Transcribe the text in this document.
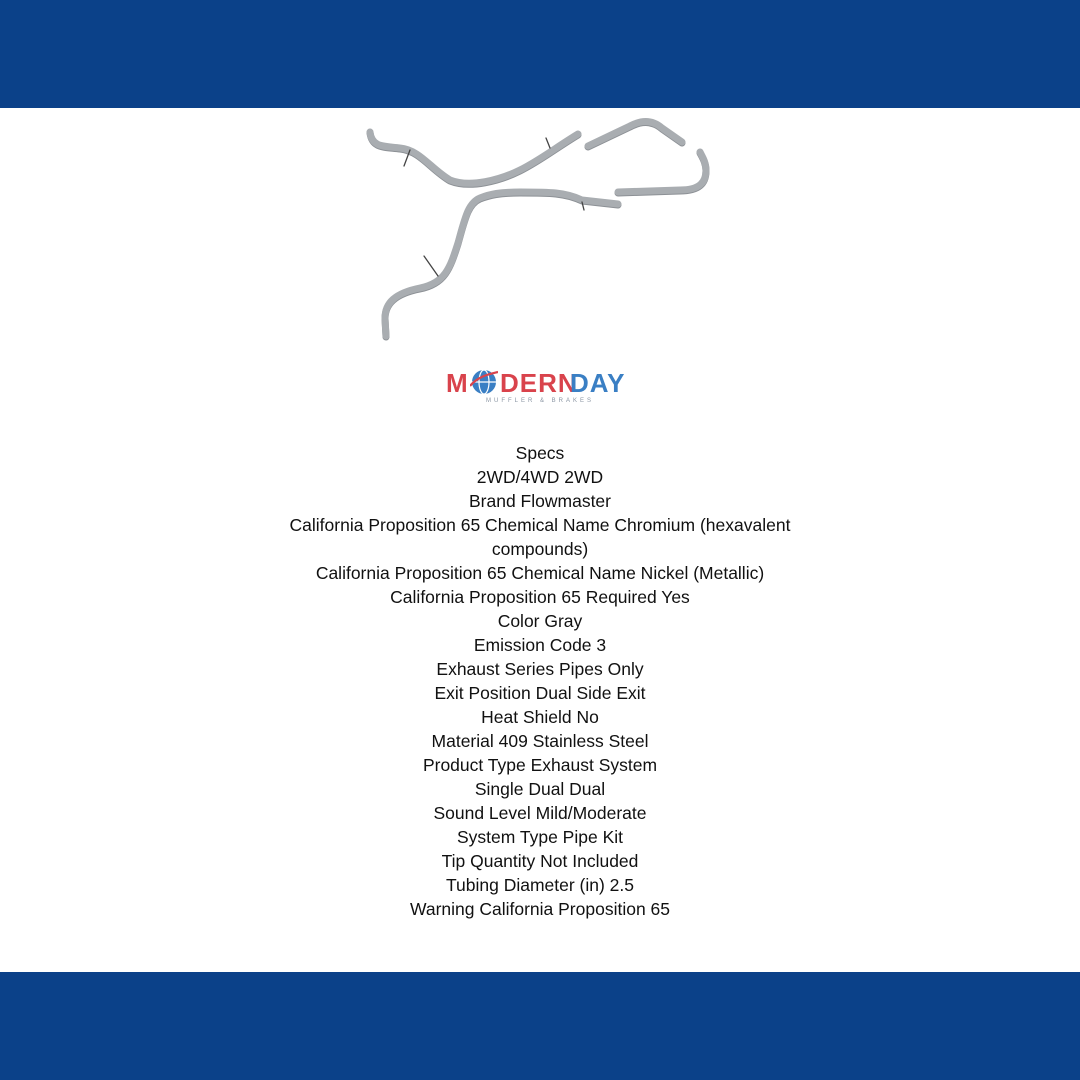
M DERN
DAY
MUFFLER & BRAKES
Specs
2WD/4WD 2WD
Brand Flowmaster
California Proposition 65 Chemical Name Chromium (hexavalent
compounds)
California Proposition 65 Chemical Name Nickel (Metallic)
California Proposition 65 Required Yes
Color Gray
Emission Code 3
Exhaust Series Pipes Only
Exit Position Dual Side Exit
Heat Shield No
Material 409 Stainless Steel
Product Type Exhaust System
Single Dual Dual
Sound Level Mild/Moderate
System Type Pipe Kit
Tip Quantity Not Included
Tubing Diameter (in) 2.5
Warning California Proposition 65
